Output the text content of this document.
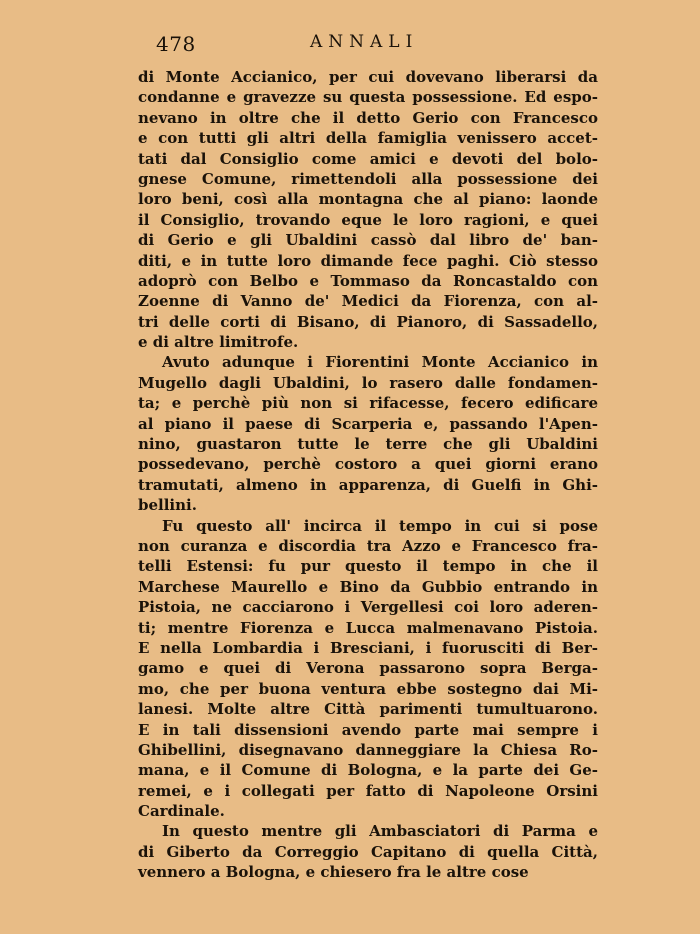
478	ANNALI
di Monte Accianico, per cui dovevano liberarsi da
condanne e gravezze su questa possessione. Ed espo-
nevano in oltre che il detto Gerio con Francesco
e con tutti gli altri della famiglia venissero accet-
tati dal Consiglio come amici e devoti del bolo-
gnese Comune, rimettendoli alla possessione dei
loro beni, così alla montagna che al piano: laonde
il Consiglio, trovando eque le loro ragioni, e quei
di Gerio e gli Ubaldini cassò dal libro de' ban-
diti, e in tutte loro dimande fece paghi. Ciò stesso
adoprò con Belbo e Tommaso da Roncastaldo con
Zoenne di Vanno de' Medici da Fiorenza, con al-
tri delle corti di Bisano, di Pianoro, di Sassadello,
e di altre limitrofe.
Avuto adunque i Fiorentini Monte Accianico in
Mugello dagli Ubaldini, lo rasero dalle fondamen-
ta; e perchè più non si rifacesse, fecero edificare
al piano il paese di Scarperia e, passando l'Apen-
nino, guastaron tutte le terre che gli Ubaldini
possedevano, perchè costoro a quei giorni erano
tramutati, almeno in apparenza, di Guelfi in Ghi-
bellini.
Fu questo all' incirca il tempo in cui si pose
non curanza e discordia tra Azzo e Francesco fra-
telli Estensi: fu pur questo il tempo in che il
Marchese Maurello e Bino da Gubbio entrando in
Pistoia, ne cacciarono i Vergellesi coi loro aderen-
ti; mentre Fiorenza e Lucca malmenavano Pistoia.
E nella Lombardia i Bresciani, i fuorusciti di Ber-
gamo e quei di Verona passarono sopra Berga-
mo, che per buona ventura ebbe sostegno dai Mi-
lanesi. Molte altre Città parimenti tumultuarono.
E in tali dissensioni avendo parte mai sempre i
Ghibellini, disegnavano danneggiare la Chiesa Ro-
mana, e il Comune di Bologna, e la parte dei Ge-
remei, e i collegati per fatto di Napoleone Orsini
Cardinale.
In questo mentre gli Ambasciatori di Parma e
di Giberto da Correggio Capitano di quella Città,
vennero a Bologna, e chiesero fra le altre cose
